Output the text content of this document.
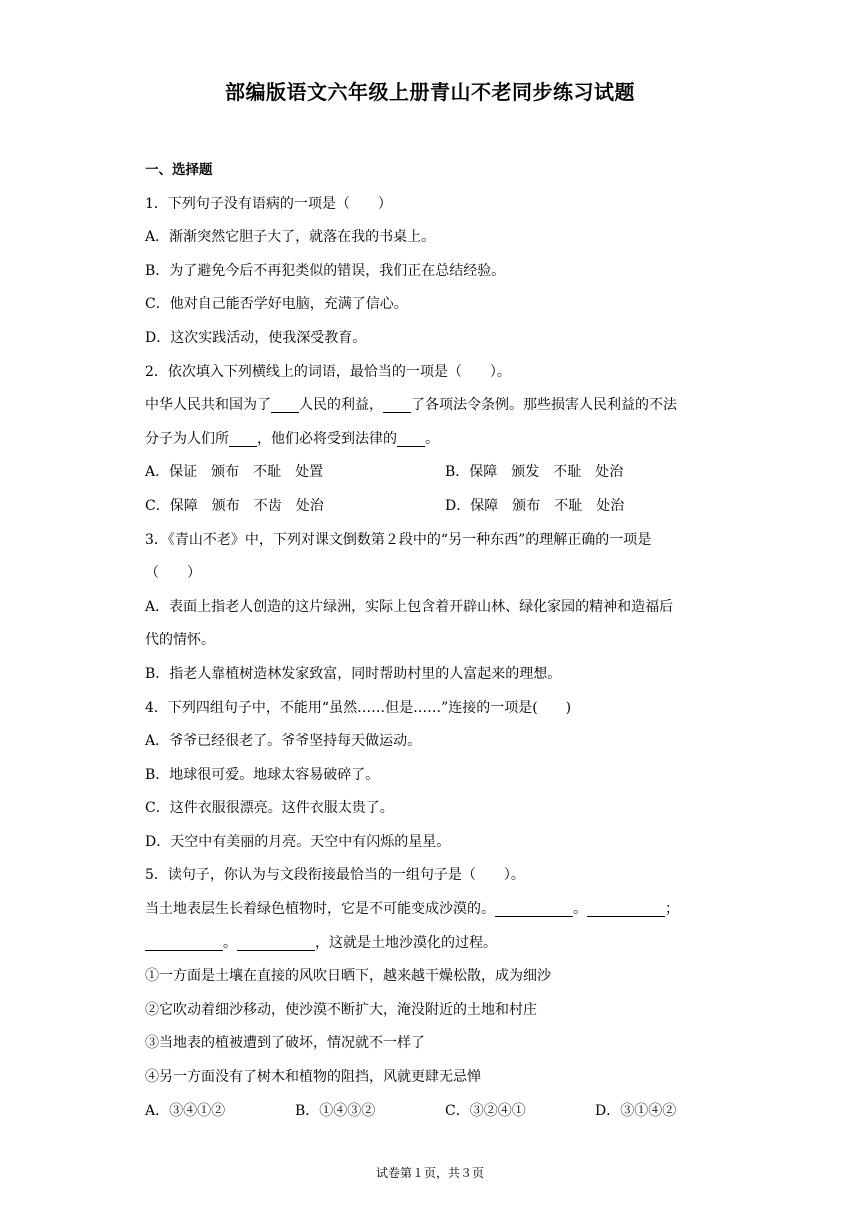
部编版语文六年级上册青山不老同步练习试题
一、选择题
1．下列句子没有语病的一项是（　　）
A．渐渐突然它胆子大了，就落在我的书桌上。
B．为了避免今后不再犯类似的错误，我们正在总结经验。
C．他对自己能否学好电脑，充满了信心。
D．这次实践活动，使我深受教育。
2．依次填入下列横线上的词语，最恰当的一项是（　　）。
中华人民共和国为了 人民的利益， 了各项法令条例。那些损害人民利益的不法
分子为人们所 ，他们必将受到法律的 。
A．保证　颁布　不耻　处置	B．保障　颁发　不耻　处治
C．保障　颁布　不齿　处治	D．保障　颁布　不耻　处治
3．《青山不老》中，下列对课文倒数第２段中的“另一种东西”的理解正确的一项是
（　　）
A．表面上指老人创造的这片绿洲，实际上包含着开辟山林、绿化家园的精神和造福后
代的情怀。
B．指老人靠植树造林发家致富，同时帮助村里的人富起来的理想。
4．下列四组句子中，不能用“虽然……但是……”连接的一项是(　　)
A．爷爷已经很老了。爷爷坚持每天做运动。
B．地球很可爱。地球太容易破碎了。
C．这件衣服很漂亮。这件衣服太贵了。
D．天空中有美丽的月亮。天空中有闪烁的星星。
5．读句子，你认为与文段衔接最恰当的一组句子是（　　）。
当土地表层生长着绿色植物时，它是不可能变成沙漠的。	。	；
。	，这就是土地沙漠化的过程。
①一方面是土壤在直接的风吹日晒下，越来越干燥松散，成为细沙
②它吹动着细沙移动，使沙漠不断扩大，淹没附近的土地和村庄
③当地表的植被遭到了破坏，情况就不一样了
④另一方面没有了树木和植物的阻挡，风就更肆无忌惮
A．③④①②	B．①④③②	C．③②④①	D．③①④②
试卷第１页，共３页
